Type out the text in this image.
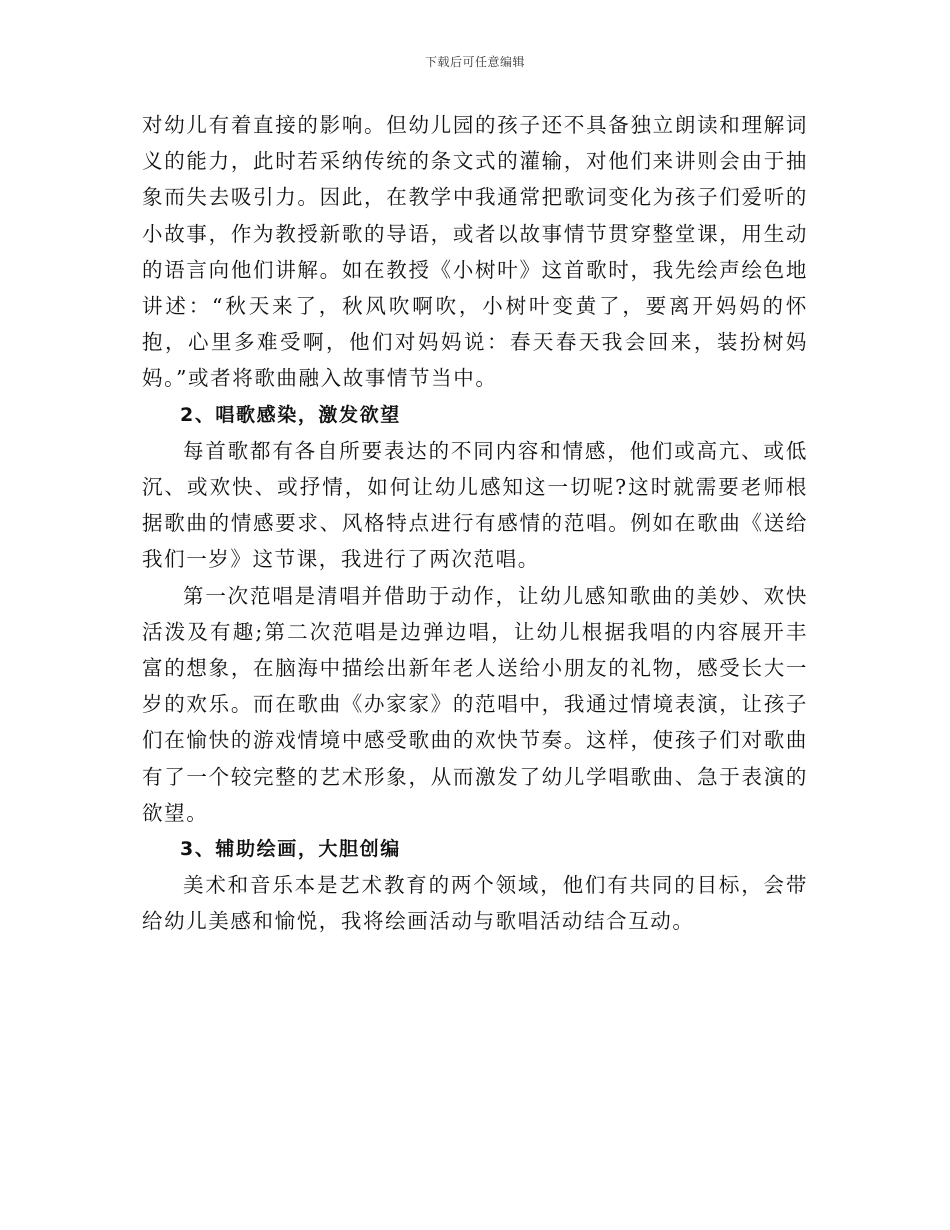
下载后可任意编辑

对幼儿有着直接的影响。但幼儿园的孩子还不具备独立朗读和理解词义的能力，此时若采纳传统的条文式的灌输，对他们来讲则会由于抽象而失去吸引力。因此，在教学中我通常把歌词变化为孩子们爱听的小故事，作为教授新歌的导语，或者以故事情节贯穿整堂课，用生动的语言向他们讲解。如在教授《小树叶》这首歌时，我先绘声绘色地讲述：“秋天来了，秋风吹啊吹，小树叶变黄了，要离开妈妈的怀抱，心里多难受啊，他们对妈妈说：春天春天我会回来，装扮树妈妈。”或者将歌曲融入故事情节当中。

2、唱歌感染，激发欲望

每首歌都有各自所要表达的不同内容和情感，他们或高亢、或低沉、或欢快、或抒情，如何让幼儿感知这一切呢?这时就需要老师根据歌曲的情感要求、风格特点进行有感情的范唱。例如在歌曲《送给我们一岁》这节课，我进行了两次范唱。

第一次范唱是清唱并借助于动作，让幼儿感知歌曲的美妙、欢快活泼及有趣;第二次范唱是边弹边唱，让幼儿根据我唱的内容展开丰富的想象，在脑海中描绘出新年老人送给小朋友的礼物，感受长大一岁的欢乐。而在歌曲《办家家》的范唱中，我通过情境表演，让孩子们在愉快的游戏情境中感受歌曲的欢快节奏。这样，使孩子们对歌曲有了一个较完整的艺术形象，从而激发了幼儿学唱歌曲、急于表演的欲望。

3、辅助绘画，大胆创编

美术和音乐本是艺术教育的两个领域，他们有共同的目标，会带给幼儿美感和愉悦，我将绘画活动与歌唱活动结合互动。
